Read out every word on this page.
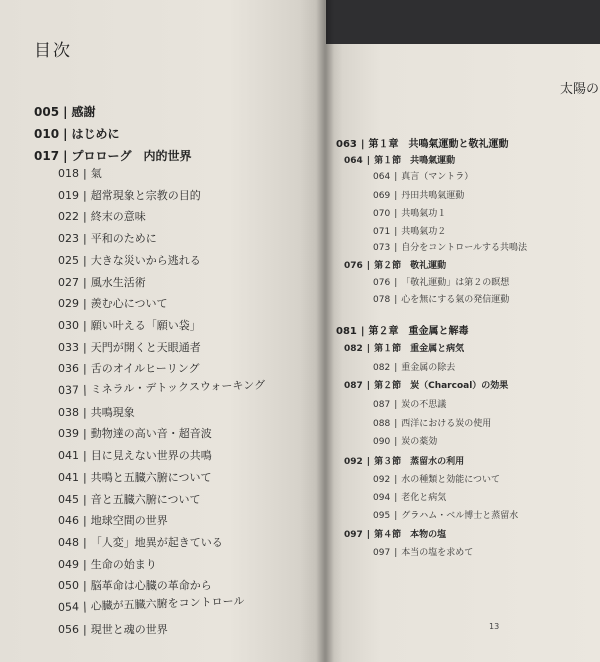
目次
太陽の
005 | 感謝
010 | はじめに
017 | プロローグ　内的世界
018 | 氣
019 | 超常現象と宗教の目的
022 | 終末の意味
023 | 平和のために
025 | 大きな災いから逃れる
027 | 風水生活術
029 | 羨む心について
030 | 願い叶える「願い袋」
033 | 天門が開くと天眼通者
036 | 舌のオイルヒーリング
037 | ミネラル・デトックスウォーキング
038 | 共鳴現象
039 | 動物達の高い音・超音波
041 | 目に見えない世界の共鳴
041 | 共鳴と五臓六腑について
045 | 音と五臓六腑について
046 | 地球空間の世界
048 | 「人変」地異が起きている
049 | 生命の始まり
050 | 脳革命は心臓の革命から
054 | 心臓が五臓六腑をコントロール
056 | 現世と魂の世界
063 | 第１章　共鳴氣運動と敬礼運動
064 | 第１節　共鳴氣運動
064 | 真言（マントラ）
069 | 丹田共鳴氣運動
070 | 共鳴氣功１
071 | 共鳴氣功２
073 | 自分をコントロールする共鳴法
076 | 第２節　敬礼運動
076 | 「敬礼運動」は第２の瞑想
078 | 心を無にする氣の発信運動
081 | 第２章　重金属と解毒
082 | 第１節　重金属と病気
082 | 重金属の除去
087 | 第２節　炭（Charcoal）の効果
087 | 炭の不思議
088 | 西洋における炭の使用
090 | 炭の薬効
092 | 第３節　蒸留水の利用
092 | 水の種類と効能について
094 | 老化と病気
095 | グラハム・ベル博士と蒸留水
097 | 第４節　本物の塩
097 | 本当の塩を求めて
13
